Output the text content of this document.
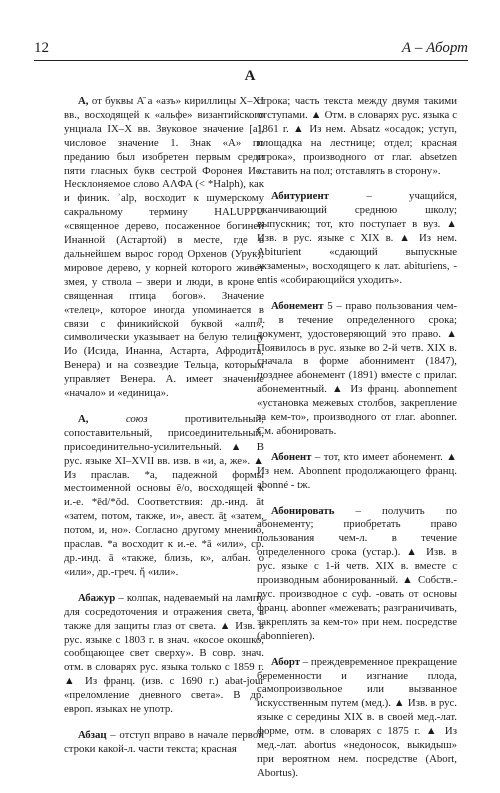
12	А – Аборт
А

А, от буквы А̄ а «азъ» кириллицы X–XI вв., восходящей к «альфе» византийского унциала IX–X вв. Звуковое значение [а], числовое значение 1. Знак «А» по преданию был изобретен первым среди пяти гласных букв сестрой Форонея Ио. Несклоняемое слово ΑΛΦΑ (< *Halph), как и финик. ʾalp, восходит к шумерскому сакральному термину HALUPPU «священное дерево, посаженное богиней Инанной (Астартой) в месте, где в дальнейшем вырос город Орхенов (Урук); мировое дерево, у корней которого живет змея, у ствола – звери и люди, в кроне – священная птица богов». Значение «телец», которое иногда упоминается в связи с финикийской буквой «алп», символически указывает на белую телицу Ио (Исида, Инанна, Астарта, Афродита, Венера) и на созвездие Тельца, которым управляет Венера. А. имеет значение «начало» и «единица».

А,	союз	противительный, сопоставительный, присоединительный, присоединительно-усилительный. ▲ В рус. языке XI–XVII вв. изв. в «и, а, же». ▲ Из праслав. *a, падежной формы местоименной основы ē/o, восходящей к и.-е. *ēd/*ōd. Соответствия: др.-инд. āt «затем, потом, также, и», авест. āt̰ «затем, потом, и, но». Согласно другому мнению, праслав. *a восходит к и.-е. *ā «или», ср. др.-инд. ā «также, близь, к», албан. o «или», др.-греч. ἤ «или».

Абажур – колпак, надеваемый на лампу для сосредоточения и отражения света, а также для защиты глаз от света. ▲ Изв. в рус. языке с 1803 г. в знач. «косое окошко, сообщающее свет сверху». В совр. знач. отм. в словарях рус. языка только с 1859 г. ▲ Из франц. (изв. с 1690 г.) abat-jour «преломление дневного света». В др. европ. языках не употр.

Абзац – отступ вправо в начале первой строки какой-л. части текста; красная

строка; часть текста между двумя такими отступами. ▲ Отм. в словарях рус. языка с 1861 г. ▲ Из нем. Absatz «осадок; уступ, площадка на лестнице; отдел; красная строка», производного от глаг. absetzen «ставить на пол; отставлять в сторону».

Абитуриент	– учащийся, оканчивающий среднюю школу; выпускник; тот, кто поступает в вуз. ▲ Изв. в рус. языке с XIX в. ▲ Из нем. Abiturient «сдающий выпускные экзамены», восходящего к лат. abituriens, -entis «собирающийся уходить».

Абонемент 5 – право пользования чем-л. в течение определенного срока; документ, удостоверяющий это право. ▲ Появилось в рус. языке во 2-й четв. XIX в. сначала в форме абоннимент (1847), позднее абонемент (1891) вместе с прилаг. абонементный. ▲ Из франц. abonnement «установка межевых столбов, закрепление за кем-то», производного от глаг. abonner. См. абонировать.

Абонент – тот, кто имеет абонемент. ▲ Из нем. Abonnent продолжающего франц. abonné - tж.

Абонировать – получить по абонементу; приобретать право пользования чем-л. в течение определенного срока (устар.). ▲ Изв. в рус. языке с 1-й четв. XIX в. вместе с производным абонированный. ▲ Собств.-рус. производное с суф. -овать от основы франц. abonner «межевать; разграничивать, закреплять за кем-то» при нем. посредстве (abonnieren).

Аборт – преждевременное прекращение беременности и изгнание плода, самопроизвольное или вызванное искусственным путем (мед.). ▲ Изв. в рус. языке с середины XIX в. в своей мед.-лат. форме, отм. в словарях с 1875 г. ▲ Из мед.-лат. abortus «недоносок, выкидыш» при вероятном нем. посредстве (Abort, Abortus).
